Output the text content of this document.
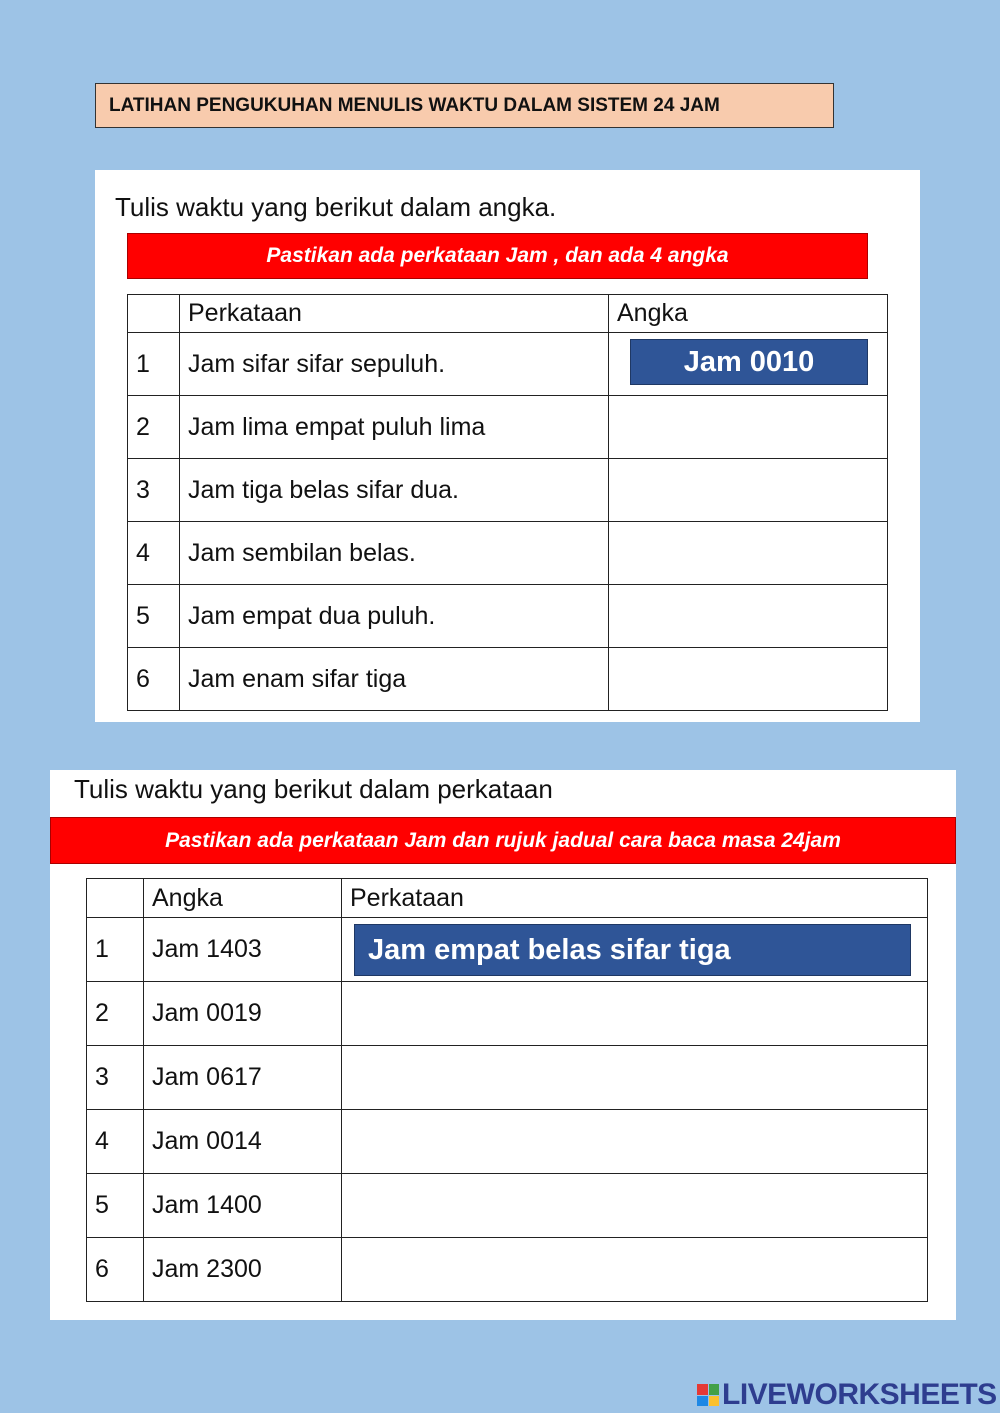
LATIHAN PENGUKUHAN MENULIS WAKTU DALAM SISTEM 24 JAM
Tulis waktu yang berikut dalam angka.
Pastikan ada perkataan Jam , dan ada 4 angka
	Perkataan	Angka
1	Jam sifar sifar sepuluh.	Jam 0010

2	Jam lima empat puluh lima	
3	Jam tiga belas sifar dua.	
4	Jam sembilan belas.	
5	Jam empat dua puluh.	
6	Jam enam sifar tiga	
Tulis waktu yang berikut dalam perkataan
Pastikan ada perkataan Jam dan rujuk jadual cara baca masa 24jam
	Angka	Perkataan
1	Jam 1403	Jam empat belas sifar tiga

2	Jam 0019	
3	Jam 0617	
4	Jam 0014	
5	Jam 1400	
6	Jam 2300	
LIVEWORKSHEETS
